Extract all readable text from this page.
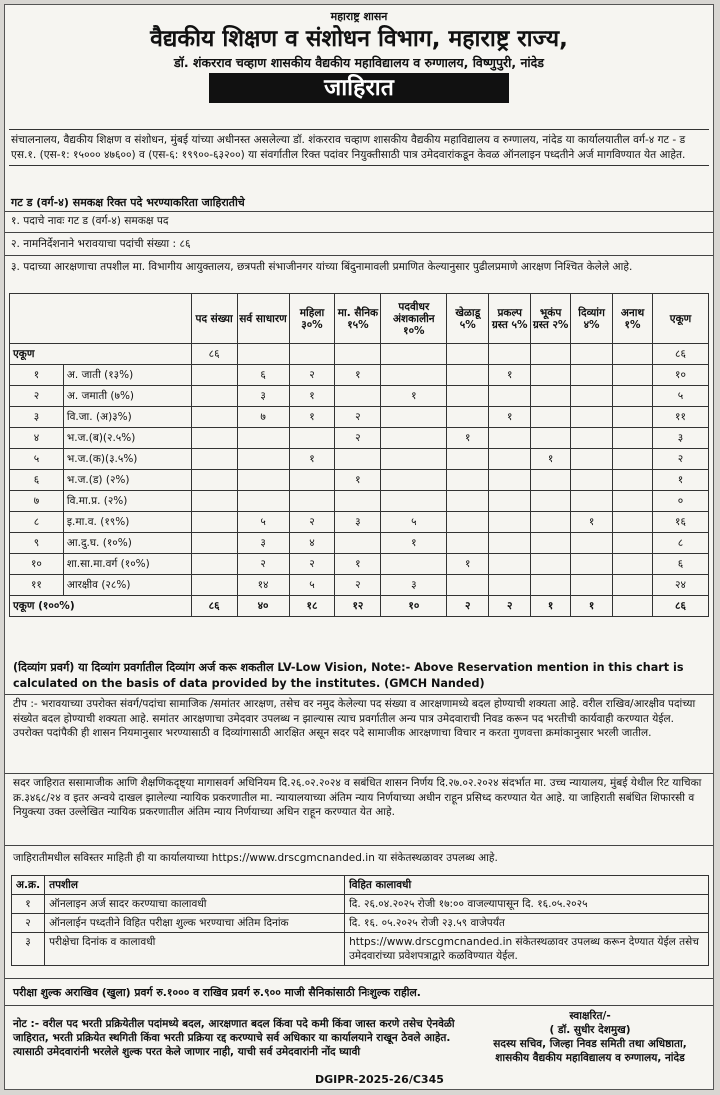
महाराष्ट्र शासन
वैद्यकीय शिक्षण व संशोधन विभाग, महाराष्ट्र राज्य,
डॉ. शंकरराव चव्हाण शासकीय वैद्यकीय महाविद्यालय व रुग्णालय, विष्णुपुरी, नांदेड
जाहिरात
संचालनालय, वैद्यकीय शिक्षण व संशोधन, मुंबई यांच्या अधीनस्त असलेल्या डॉ. शंकरराव चव्हाण शासकीय वैद्यकीय महाविद्यालय व रुग्णालय, नांदेड या कार्यालयातील वर्ग-४ गट - ड एस.१. (एस-१: १५००० ४७६००) व (एस-६: १९९००-६३२००) या संवर्गातील रिक्त पदांवर नियुक्तीसाठी पात्र उमेदवारांकडून केवळ ऑनलाइन पध्दतीने अर्ज मागविण्यात येत आहेत.
गट ड (वर्ग-४) समकक्ष रिक्त पदे भरण्याकरिता जाहिरातीचे
१. पदाचे नावः गट ड (वर्ग-४) समकक्ष पद
२. नामनिर्देशनाने भरावयाचा पदांची संख्या : ८६
३. पदाच्या आरक्षणाचा तपशील मा. विभागीय आयुक्तालय, छत्रपती संभाजीनगर यांच्या बिंदुनामावली प्रमाणित केल्यानुसार पुढीलप्रमाणे आरक्षण निश्चित केलेले आहे.
		पद संख्या	सर्व साधारण	महिला ३०%	मा. सैनिक १५%	पदवीधर अंशकालीन १०%	खेळाडू ५%	प्रकल्प ग्रस्त ५%	भूकंप ग्रस्त २%	दिव्यांग ४%	अनाथ १%	एकूण
एकूण		८६										८६
१	अ. जाती (१३%)		६	२	१			१				१०
२	अ. जमाती (७%)		३	१		१						५
३	वि.जा. (अ)३%)		७	१	२			१				११
४	भ.ज.(ब)(२.५%)				२		१					३
५	भ.ज.(क)(३.५%)			१					१			२
६	भ.ज.(ड) (२%)				१							१
७	वि.मा.प्र. (२%)											०
८	इ.मा.व. (१९%)		५	२	३	५				१		१६
९	आ.दु.घ. (१०%)		३	४		१						८
१०	शा.सा.मा.वर्ग (१०%)		२	२	१		१					६
११	आरक्षीव (२८%)		१४	५	२	३						२४
एकूण (१००%)		८६	४०	१८	१२	१०	२	२	१	१		८६
(दिव्यांग प्रवर्ग) या दिव्यांग प्रवर्गातील दिव्यांग अर्ज करू शकतील LV-Low Vision, Note:- Above Reservation mention in this chart is calculated on the basis of data provided by the institutes. (GMCH Nanded)
टीप :- भरावयाच्या उपरोक्त संवर्ग/पदांचा सामाजिक /समांतर आरक्षण, तसेच वर नमुद केलेल्या पद संख्या व आरक्षणामध्ये बदल होण्याची शक्यता आहे. वरील राखिव/आरक्षीव पदांच्या संख्येत बदल होण्याची शक्यता आहे. समांतर आरक्षणाचा उमेदवार उपलब्ध न झाल्यास त्याच प्रवर्गातील अन्य पात्र उमेदवाराची निवड करून पद भरतीची कार्यवाही करण्यात येईल. उपरोक्त पदांपैकी ही शासन नियमानुसार भरण्यासाठी व दिव्यांगासाठी आरक्षित असून सदर पदे सामाजीक आरक्षणाचा विचार न करता गुणवत्ता क्रमांकानुसार भरली जातील.
सदर जाहिरात ससामाजीक आणि शैक्षणिकदृष्ट्या मागासवर्ग अधिनियम दि.२६.०२.२०२४ व सबंधित शासन निर्णय दि.२७.०२.२०२४ संदर्भात मा. उच्च न्यायालय, मुंबई येथील रिट याचिका क्र.३४६८/२४ व इतर अन्वये दाखल झालेल्या न्यायिक प्रकरणातील मा. न्यायालयाच्या अंतिम न्याय निर्णयाच्या अधीन राहून प्रसिध्द करण्यात येत आहे. या जाहिराती सबंधित शिफारसी व नियुक्त्या उक्त उल्लेखित न्यायिक प्रकरणातील अंतिम न्याय निर्णयाच्या अधिन राहून करण्यात येत आहे.
जाहिरातीमधील सविस्तर माहिती ही या कार्यालयाच्या https://www.drscgmcnanded.in या संकेतस्थळावर उपलब्ध आहे.
अ.क्र.	तपशील	विहित कालावधी
१	ऑनलाइन अर्ज सादर करण्याचा कालावधी	दि. २६.०४.२०२५ रोजी १७:०० वाजल्यापासून दि. १६.०५.२०२५
२	ऑनलाईन पध्दतीने विहित परीक्षा शुल्क भरण्याचा अंतिम दिनांक	दि. १६. ०५.२०२५ रोजी २३.५९ वाजेपर्यंत
३	परीक्षेचा दिनांक व कालावधी	https://www.drscgmcnanded.in संकेतस्थळावर उपलब्ध करून देण्यात येईल तसेच उमेदवारांच्या प्रवेशपत्राद्वारे कळविण्यात येईल.
परीक्षा शुल्क अराखिव (खुला) प्रवर्ग रु.१००० व राखिव प्रवर्ग रु.९०० माजी सैनिकांसाठी निःशुल्क राहील.
नोट :- वरील पद भरती प्रक्रियेतील पदांमध्ये बदल, आरक्षणात बदल किंवा पदे कमी किंवा जास्त करणे तसेच ऐनवेळी जाहिरात, भरती प्रक्रियेत स्थगिती किंवा भरती प्रक्रिया रद्द करण्याचे सर्व अधिकार या कार्यालयाने राखून ठेवले आहेत. त्यासाठी उमेदवारांनी भरलेले शुल्क परत केले जाणार नाही, याची सर्व उमेदवारांनी नोंद घ्यावी
स्वाक्षरित/-
( डॉ. सुधीर देशमुख)
सदस्य सचिव, जिल्हा निवड समिती तथा अधिष्ठाता, शासकीय वैद्यकीय महाविद्यालय व रुग्णालय, नांदेड
DGIPR-2025-26/C345
